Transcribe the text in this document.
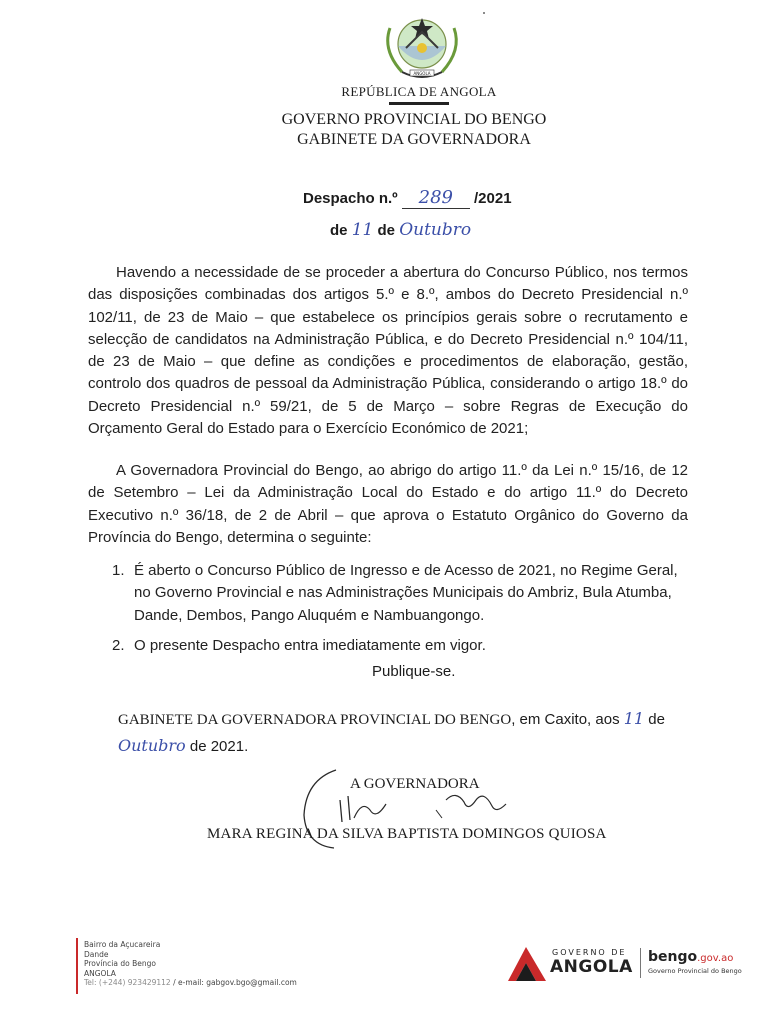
ANGOLA
REPÚBLICA DE ANGOLA
GOVERNO PROVINCIAL DO BENGO
GABINETE DA GOVERNADORA
Despacho n.º 289 /2021
de 11 de Outubro
Havendo a necessidade de se proceder a abertura do Concurso Público, nos termos das disposições combinadas dos artigos 5.º e 8.º, ambos do Decreto Presidencial n.º 102/11, de 23 de Maio – que estabelece os princípios gerais sobre o recrutamento e selecção de candidatos na Administração Pública, e do Decreto Presidencial n.º 104/11, de 23 de Maio – que define as condições e procedimentos de elaboração, gestão, controlo dos quadros de pessoal da Administração Pública, considerando o artigo 18.º do Decreto Presidencial n.º 59/21, de 5 de Março – sobre Regras de Execução do Orçamento Geral do Estado para o Exercício Económico de 2021;
A Governadora Provincial do Bengo, ao abrigo do artigo 11.º da Lei n.º 15/16, de 12 de Setembro – Lei da Administração Local do Estado e do artigo 11.º do Decreto Executivo n.º 36/18, de 2 de Abril – que aprova o Estatuto Orgânico do Governo da Província do Bengo, determina o seguinte:
1. É aberto o Concurso Público de Ingresso e de Acesso de 2021, no Regime Geral, no Governo Provincial e nas Administrações Municipais do Ambriz, Bula Atumba, Dande, Dembos, Pango Aluquém e Nambuangongo.
2. O presente Despacho entra imediatamente em vigor.
Publique-se.
GABINETE DA GOVERNADORA PROVINCIAL DO BENGO, em Caxito, aos 11 de
Outubro de 2021.
A GOVERNADORA
MARA REGINA DA SILVA BAPTISTA DOMINGOS QUIOSA
Bairro da Açucareira
Dande
Província do Bengo
ANGOLA
Tel: (+244) 923429112 / e-mail: gabgov.bgo@gmail.com
GOVERNO DE
ANGOLA bengo.gov.ao
Governo Provincial do Bengo
